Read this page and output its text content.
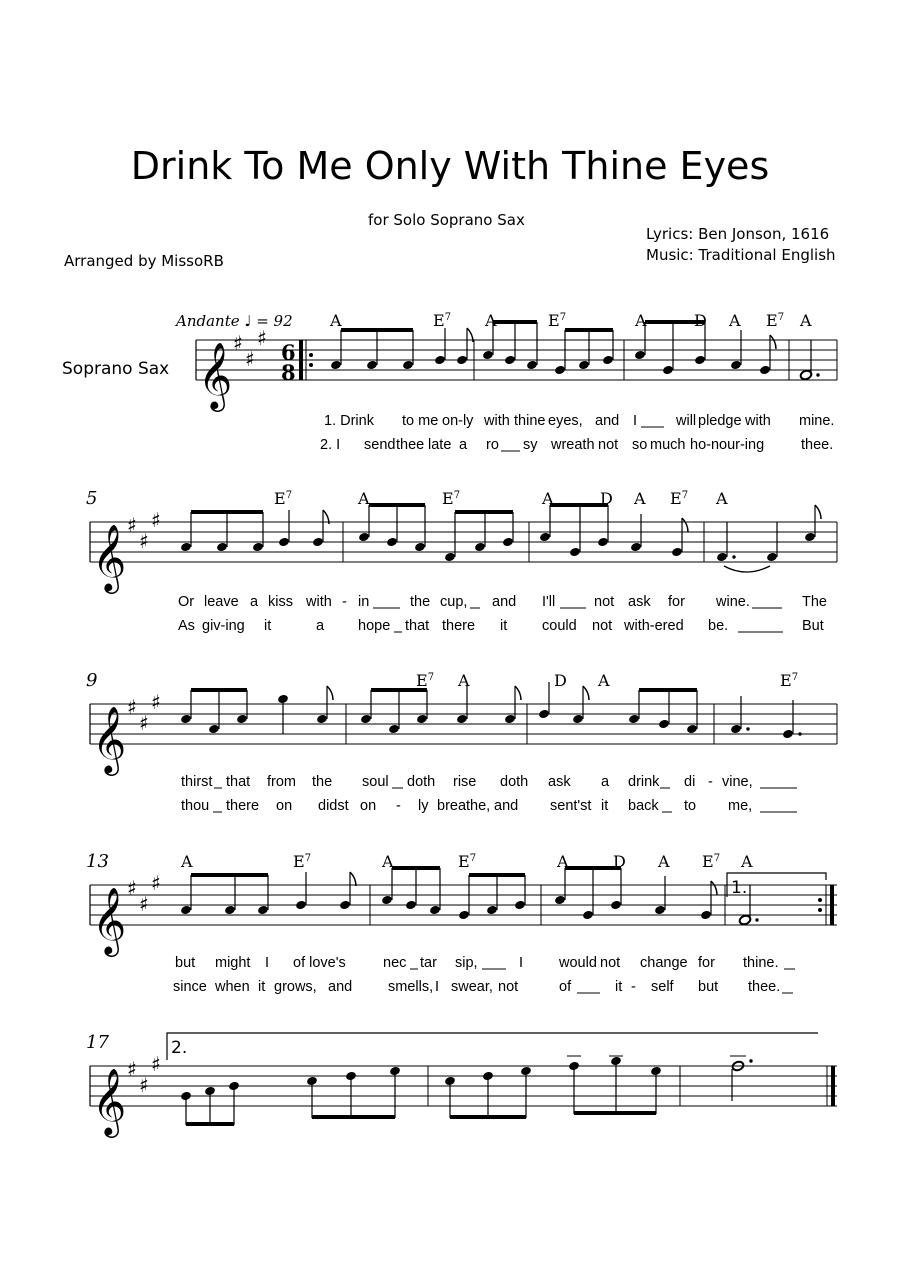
Drink To Me Only With Thine Eyes
for Solo Soprano Sax
Lyrics: Ben Jonson, 1616
Music: Traditional English
Arranged by MissoRB
Soprano Sax
Andante ♩ = 92
𝄞 ♯
♯
♯
6
8
A	$E^7$ A	$E^7$	A	D A $E^7$ A
1. Drink to me on-ly with thine eyes, and I	will pledge with mine.
2. I send thee late a ro sy wreath not so much ho-nour-ing	thee.
5
𝄞 ♯
♯
♯
$E^7$	A	$E^7$	A	D A $E^7$ A
Or leave a kiss with - in	the cup, and I'll	not ask for wine.	The
As giv-ing it	a hope that there it could not with-ered be.	But
9
𝄞 ♯
♯
♯
$E^7$ A	D A	$E^7$
thirst that from the soul doth rise doth ask a drink di - vine,
thou there on didst on - ly breathe, and sent'st it back to me,
13
1.
𝄞 ♯
♯
♯
A	$E^7$	A	$E^7$	A	D A $E^7$ A
but might I of love's	nec tar sip,	I would not change for thine.
since when it grows, and smells, I swear, not	of	it - self but thee.
17	2.
𝄞 ♯
♯
♯
